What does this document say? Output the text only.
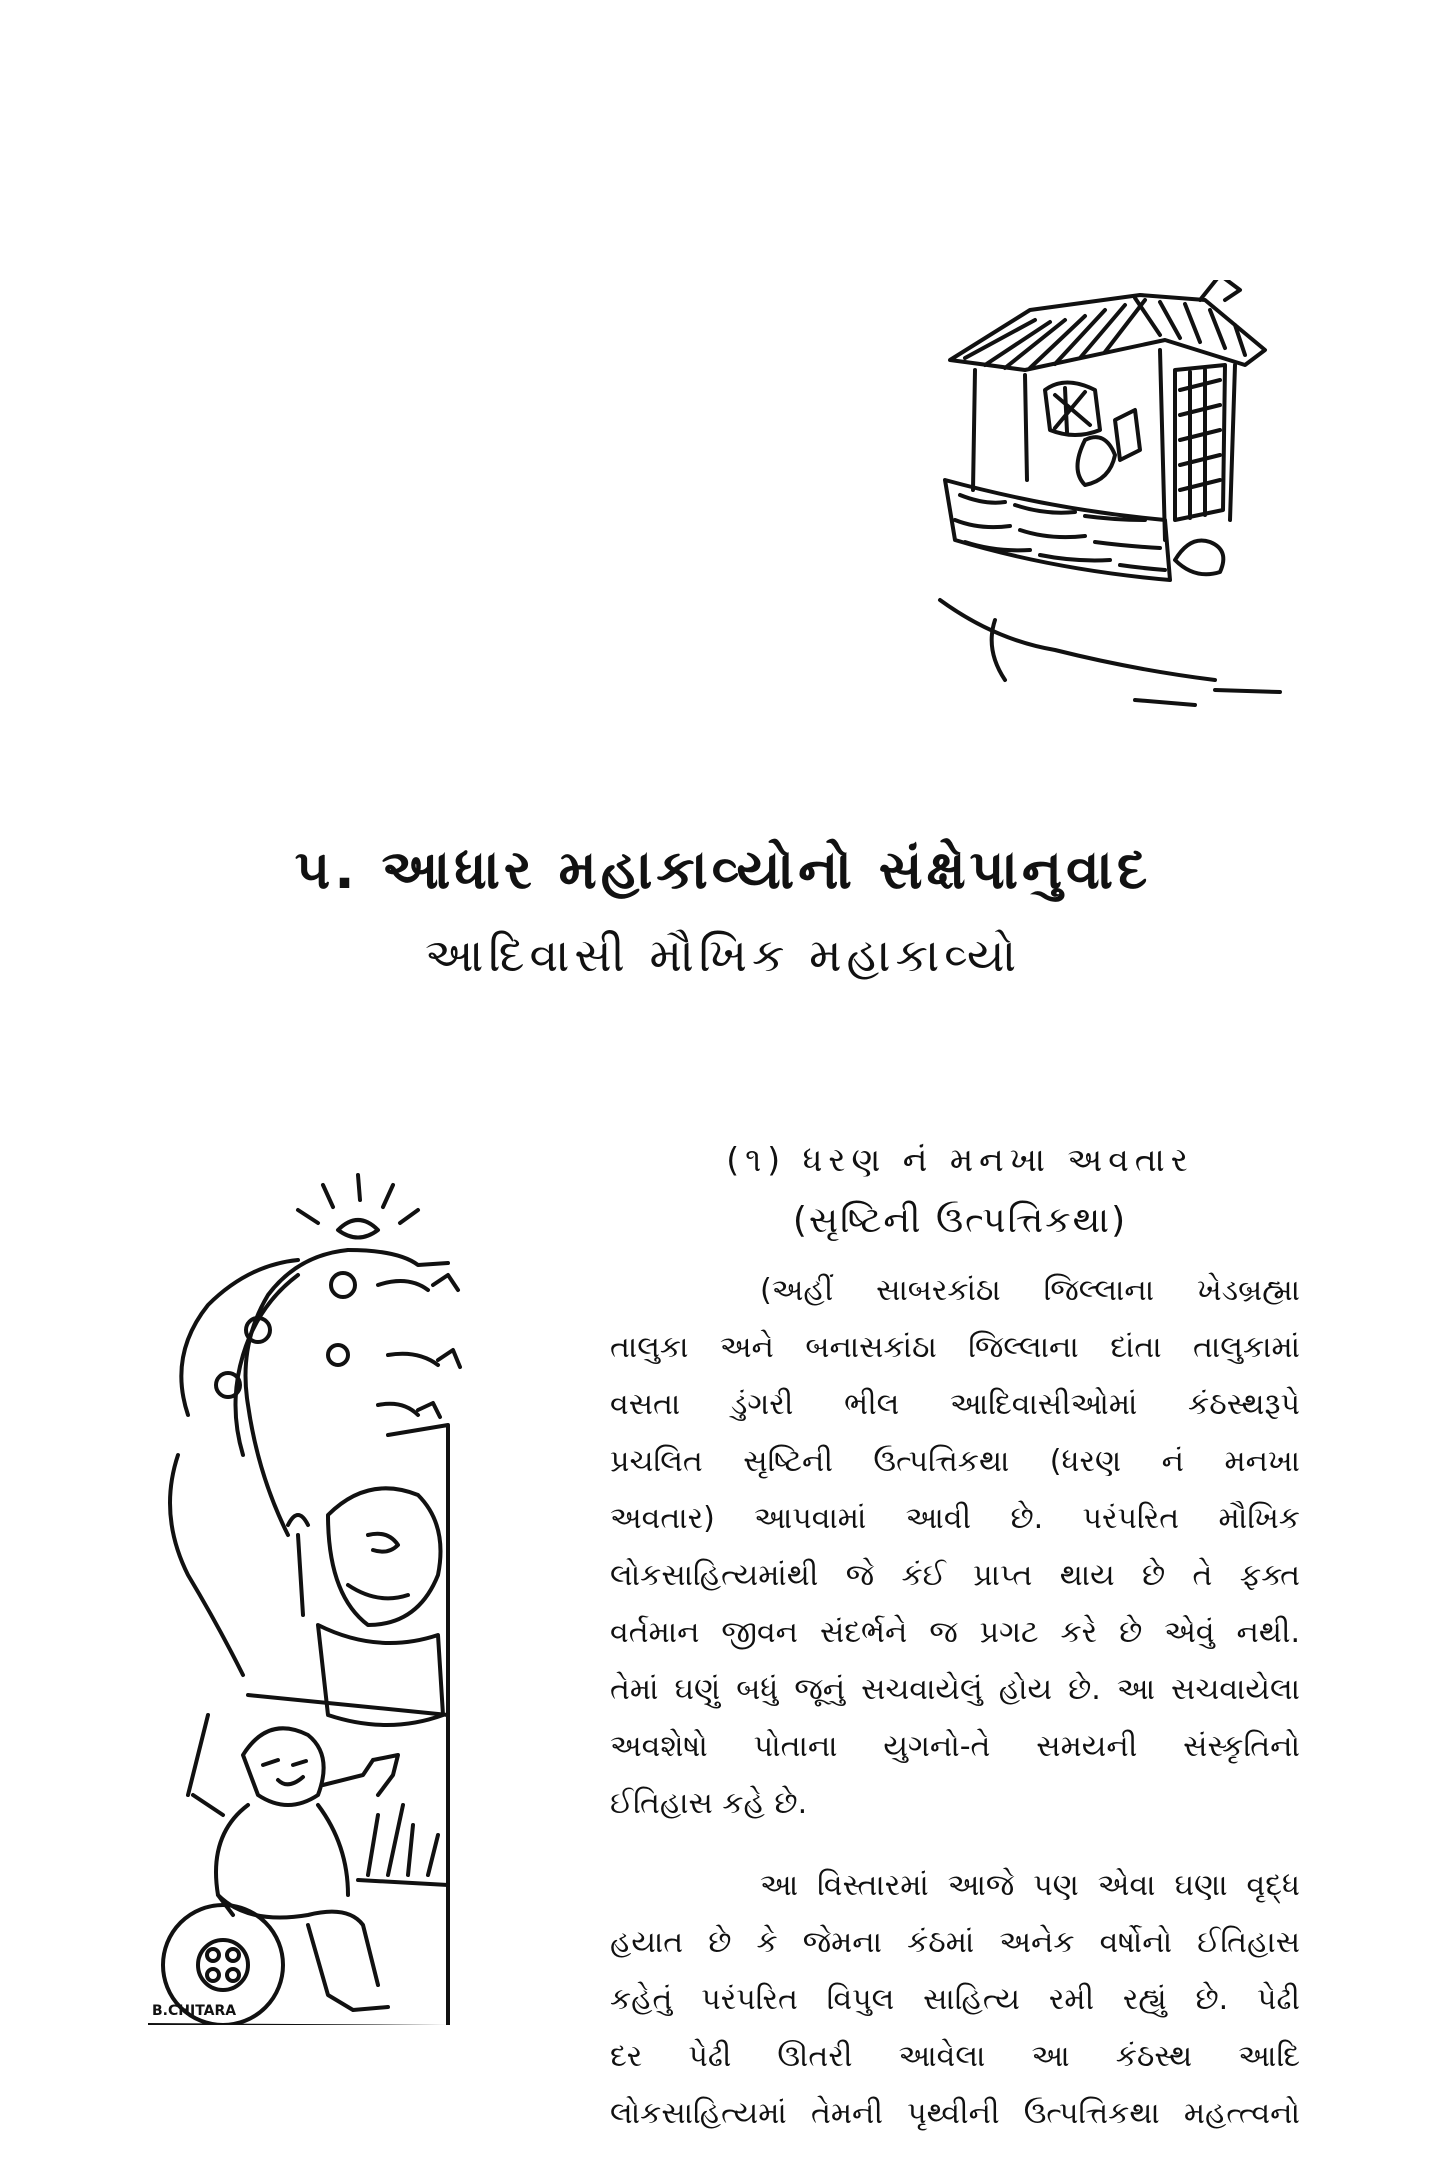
૫. આધાર મહાકાવ્યોનો સંક્ષેપાનુવાદ
આદિવાસી મૌખિક મહાકાવ્યો
(૧) ધરણ નં મનખા અવતાર
(સૃષ્ટિની ઉત્પત્તિકથા)
B.CHITARA
(અહીં સાબરકાંઠા જિલ્લાના ખેડબ્રહ્મા
તાલુકા અને બનાસકાંઠા જિલ્લાના દાંતા તાલુકામાં
વસતા ડુંગરી ભીલ આદિવાસીઓમાં કંઠસ્થરૂપે
પ્રચલિત સૃષ્ટિની ઉત્પત્તિકથા (ધરણ નં મનખા
અવતાર) આપવામાં આવી છે. પરંપરિત મૌખિક
લોકસાહિત્યમાંથી જે કંઈ પ્રાપ્ત થાય છે તે ફક્ત
વર્તમાન જીવન સંદર્ભને જ પ્રગટ કરે છે એવું નથી.
તેમાં ઘણું બધું જૂનું સચવાયેલું હોય છે. આ સચવાયેલા
અવશેષો પોતાના યુગનો-તે સમયની સંસ્કૃતિનો
ઈતિહાસ કહે છે.
આ વિસ્તારમાં આજે પણ એવા ઘણા વૃદ્ધ
હયાત છે કે જેમના કંઠમાં અનેક વર્ષોનો ઈતિહાસ
કહેતું પરંપરિત વિપુલ સાહિત્ય રમી રહ્યું છે. પેઢી
દર પેઢી ઊતરી આવેલા આ કંઠસ્થ આદિ
લોકસાહિત્યમાં તેમની પૃથ્વીની ઉત્પત્તિકથા મહત્ત્વનો
